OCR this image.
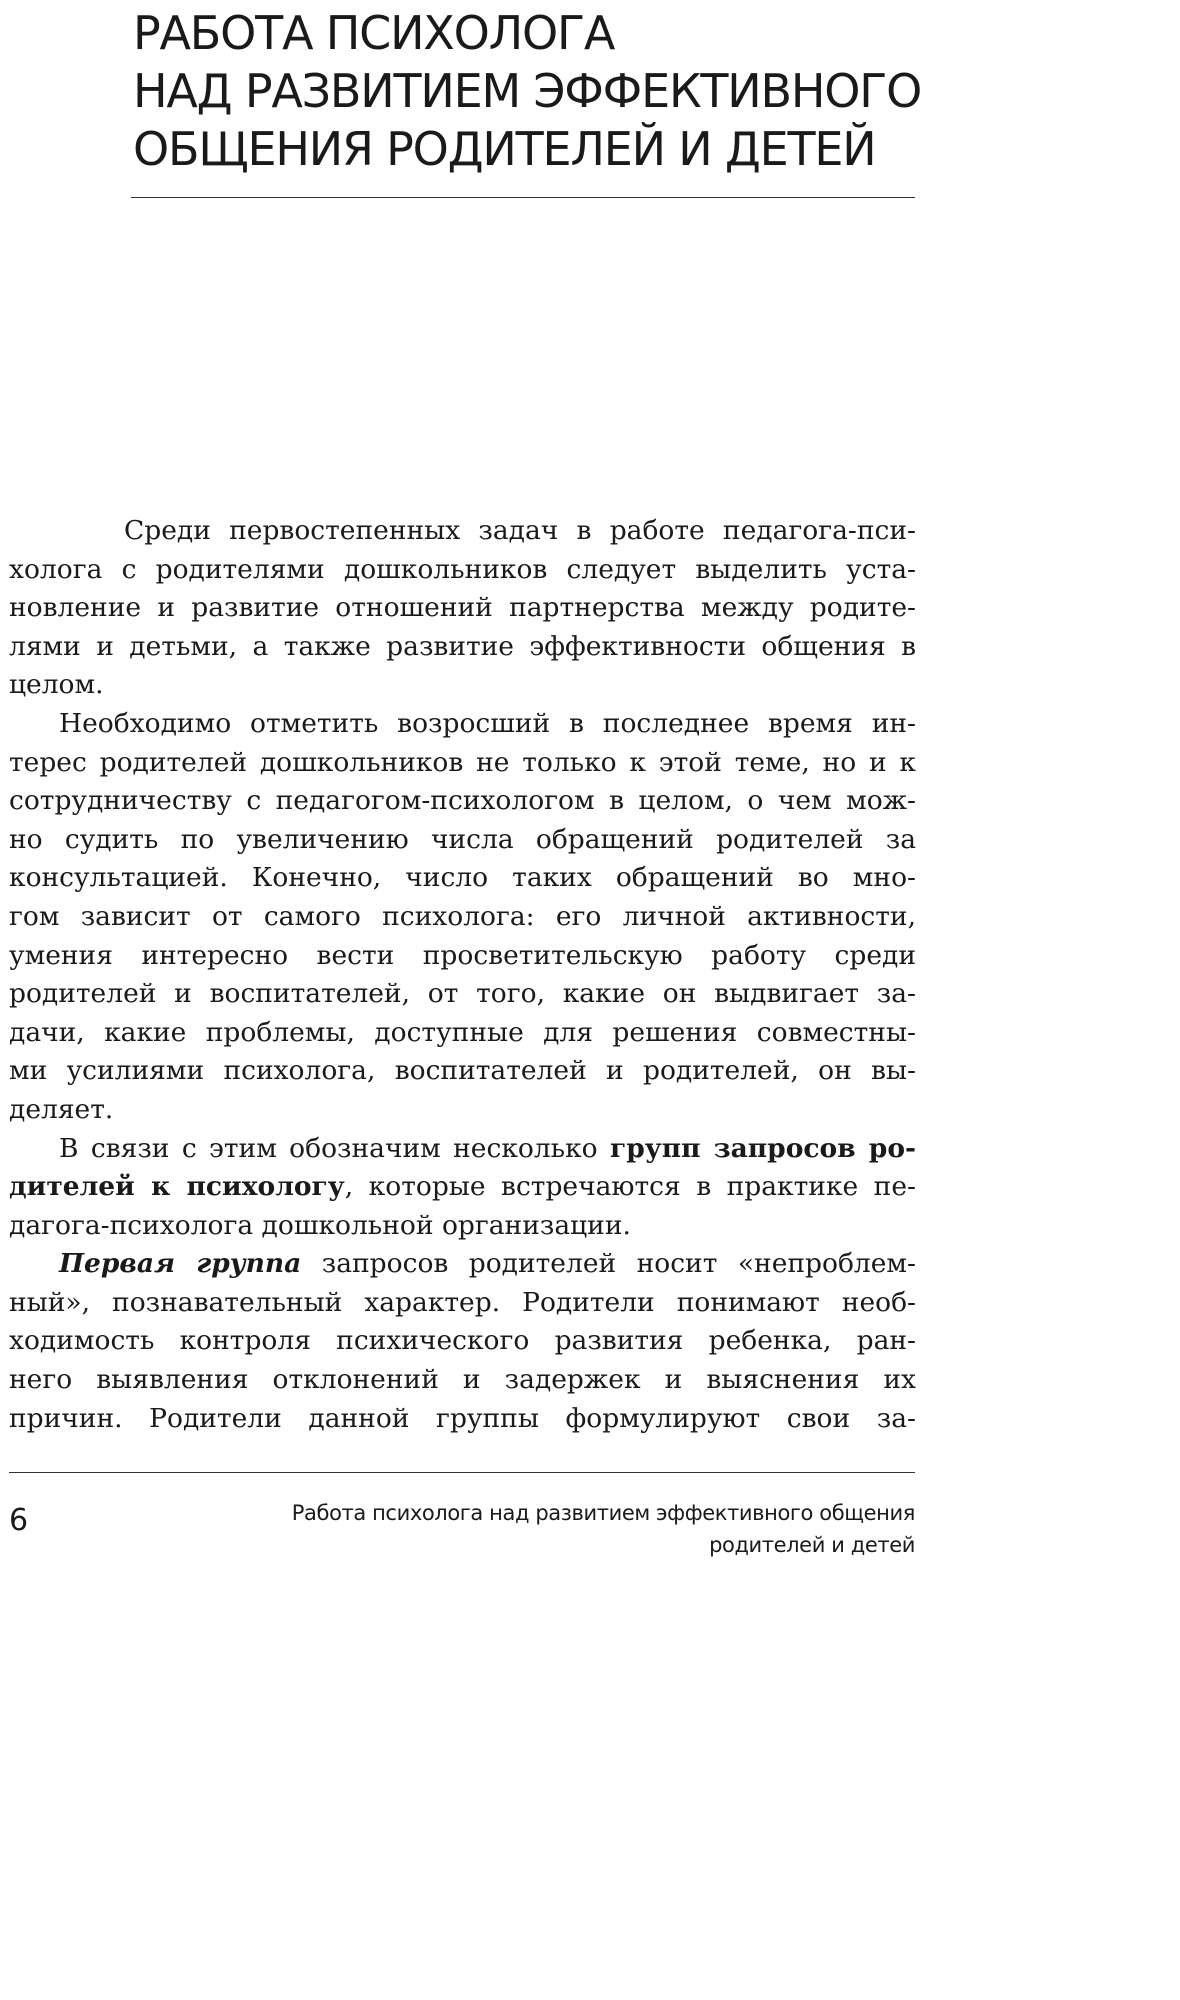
РАБОТА ПСИХОЛОГА
НАД РАЗВИТИЕМ ЭФФЕКТИВНОГО
ОБЩЕНИЯ РОДИТЕЛЕЙ И ДЕТЕЙ

Среди первостепенных задач в работе педагога-пси-
холога с родителями дошкольников следует выделить уста-
новление и развитие отношений партнерства между родите-
лями и детьми, а также развитие эффективности общения в
целом.

Необходимо отметить возросший в последнее время ин-
терес родителей дошкольников не только к этой теме, но и к
сотрудничеству с педагогом-психологом в целом, о чем мож-
но судить по увеличению числа обращений родителей за
консультацией. Конечно, число таких обращений во мно-
гом зависит от самого психолога: его личной активности,
умения интересно вести просветительскую работу среди
родителей и воспитателей, от того, какие он выдвигает за-
дачи, какие проблемы, доступные для решения совместны-
ми усилиями психолога, воспитателей и родителей, он вы-
деляет.

В связи с этим обозначим несколько групп запросов ро-
дителей к психологу, которые встречаются в практике пе-
дагога-психолога дошкольной организации.

Первая группа запросов родителей носит «непроблем-
ный», познавательный характер. Родители понимают необ-
ходимость контроля психического развития ребенка, ран-
него выявления отклонений и задержек и выяснения их
причин. Родители данной группы формулируют свои за-

6	Работа психолога над развитием эффективного общения
родителей и детей
